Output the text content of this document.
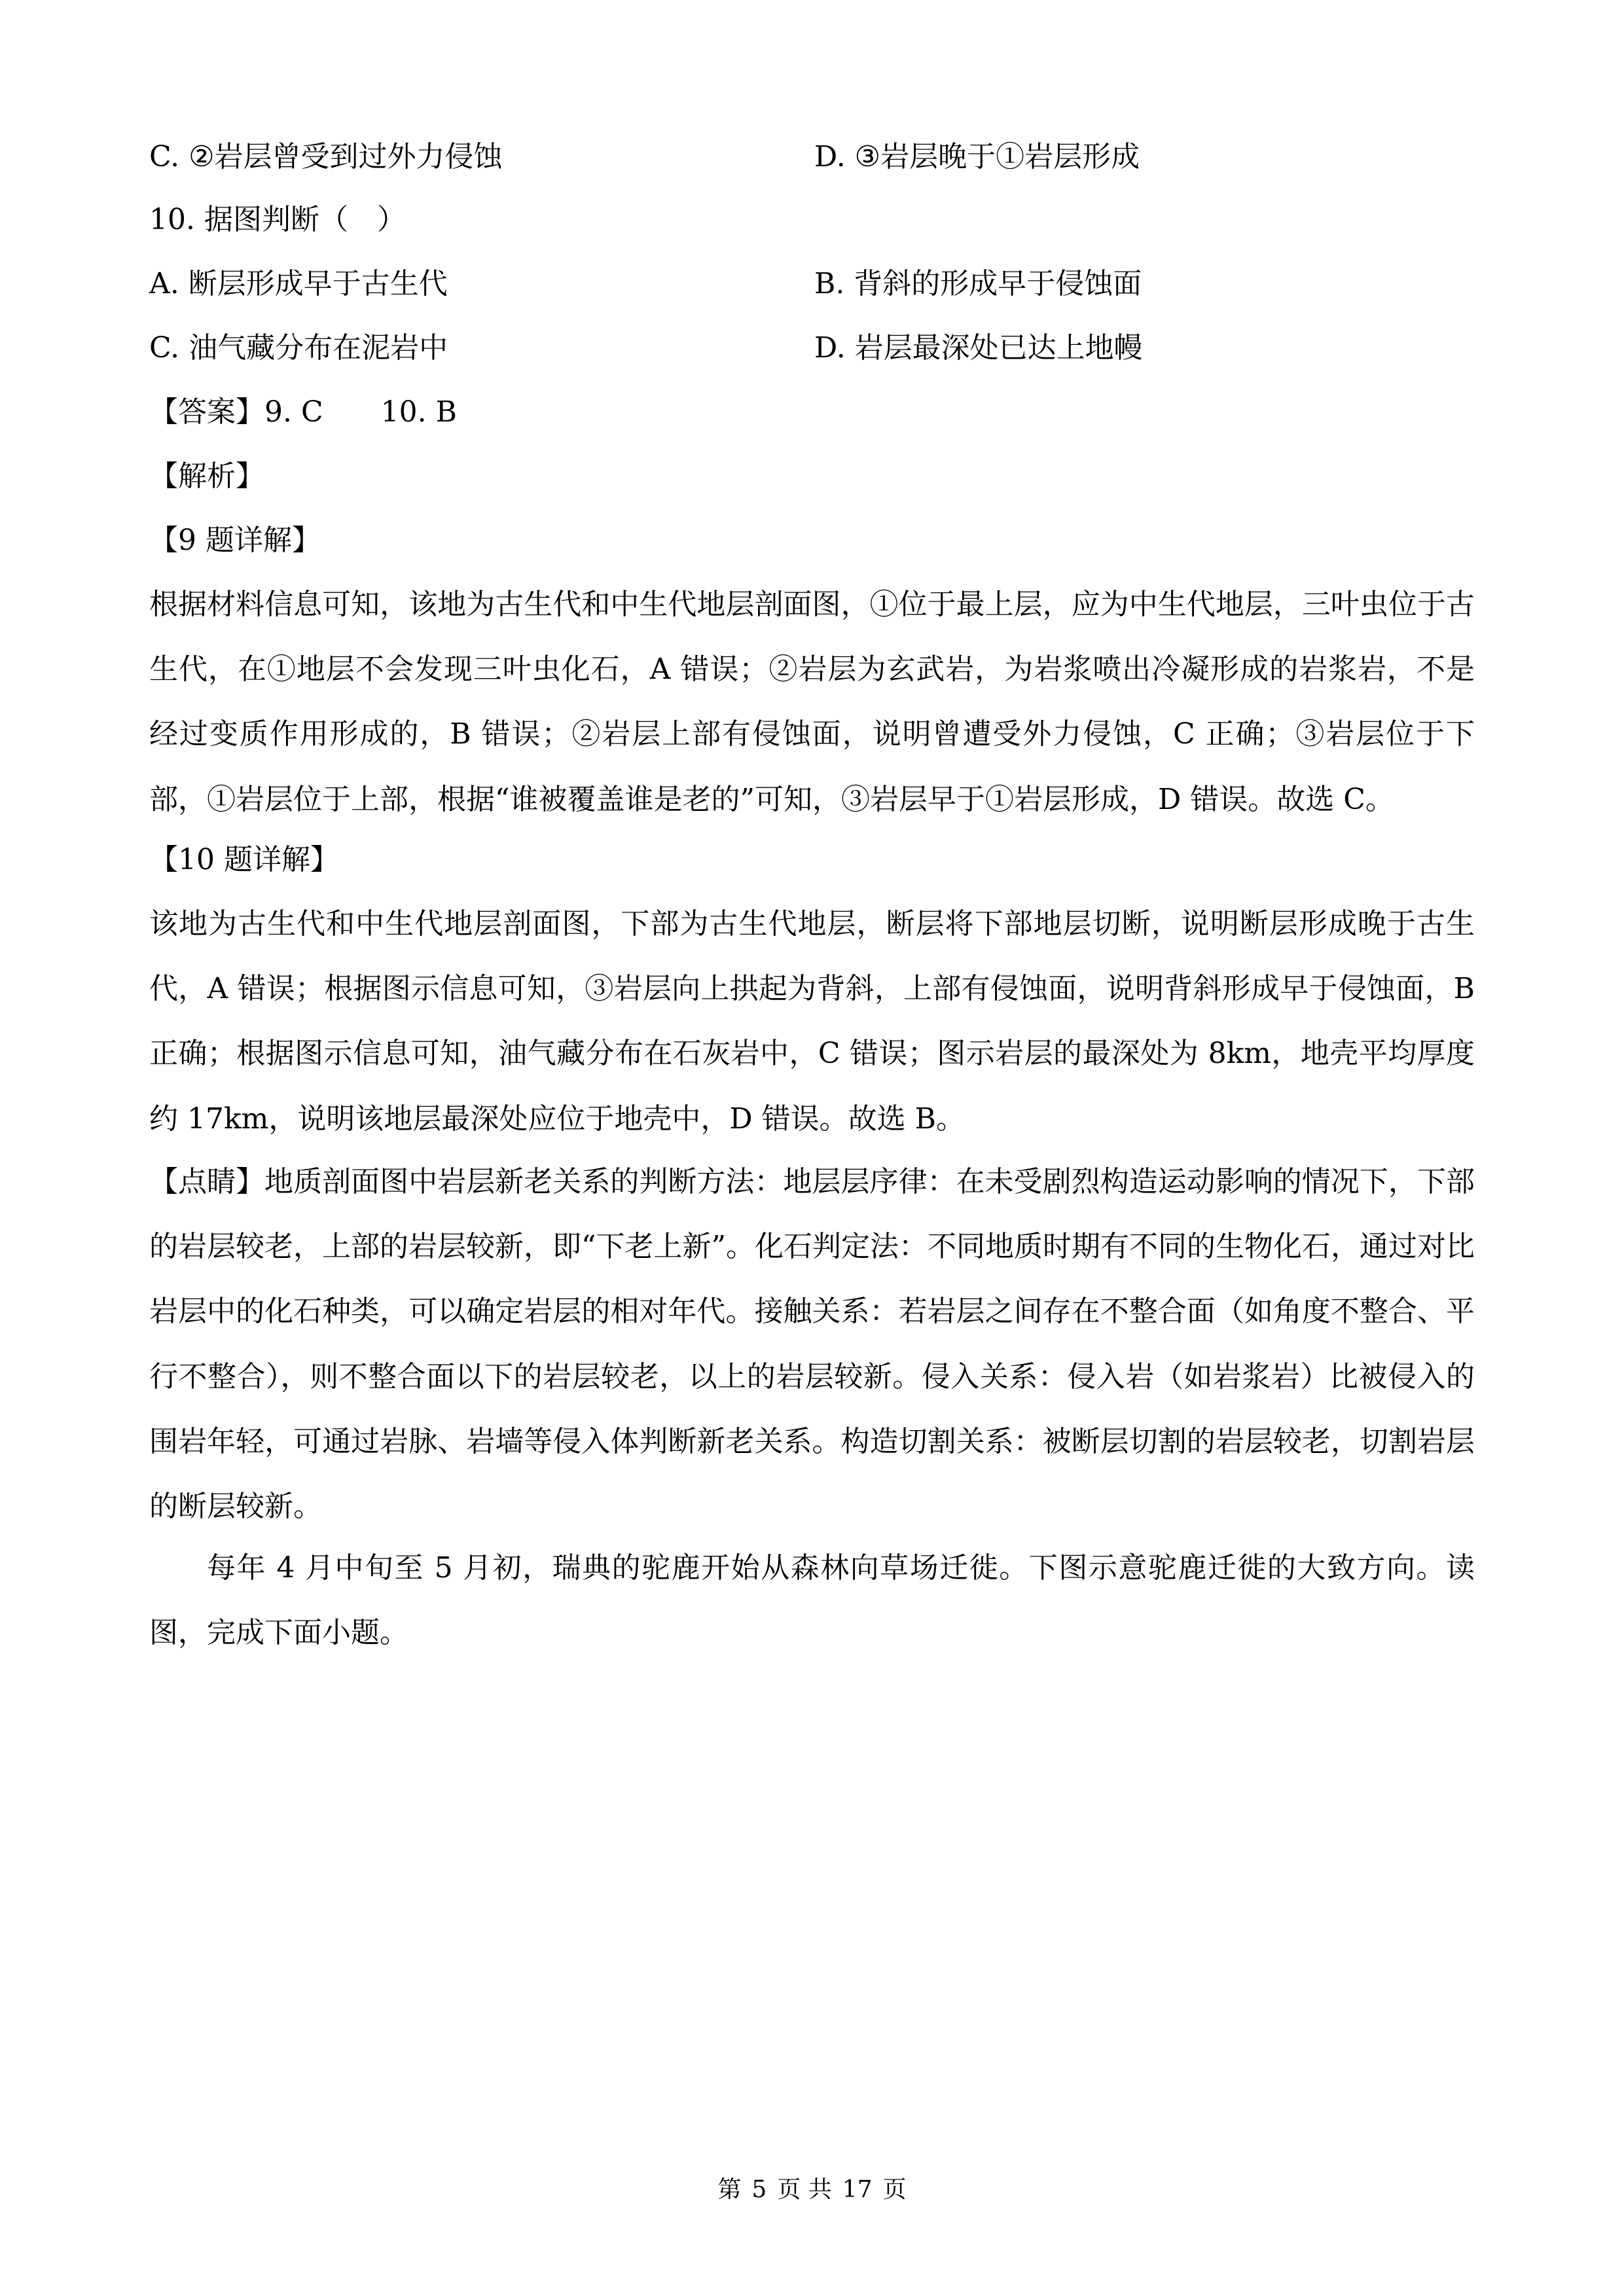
C. ②岩层曾受到过外力侵蚀	D. ③岩层晚于①岩层形成
10. 据图判断（　）
A. 断层形成早于古生代	B. 背斜的形成早于侵蚀面
C. 油气藏分布在泥岩中	D. 岩层最深处已达上地幔
【答案】9. C 10. B
【解析】
【9 题详解】
根据材料信息可知，该地为古生代和中生代地层剖面图，①位于最上层，应为中生代地层，三叶虫位于古生代，在①地层不会发现三叶虫化石，A 错误；②岩层为玄武岩，为岩浆喷出冷凝形成的岩浆岩，不是经过变质作用形成的，B 错误；②岩层上部有侵蚀面，说明曾遭受外力侵蚀，C 正确；③岩层位于下部，①岩层位于上部，根据“谁被覆盖谁是老的”可知，③岩层早于①岩层形成，D 错误。故选 C。
【10 题详解】
该地为古生代和中生代地层剖面图，下部为古生代地层，断层将下部地层切断，说明断层形成晚于古生代，A 错误；根据图示信息可知，③岩层向上拱起为背斜，上部有侵蚀面，说明背斜形成早于侵蚀面，B 正确；根据图示信息可知，油气藏分布在石灰岩中，C 错误；图示岩层的最深处为 8km，地壳平均厚度约 17km，说明该地层最深处应位于地壳中，D 错误。故选 B。
【点睛】地质剖面图中岩层新老关系的判断方法：地层层序律：在未受剧烈构造运动影响的情况下，下部的岩层较老，上部的岩层较新，即“下老上新”。化石判定法：不同地质时期有不同的生物化石，通过对比岩层中的化石种类，可以确定岩层的相对年代。接触关系：若岩层之间存在不整合面（如角度不整合、平行不整合），则不整合面以下的岩层较老，以上的岩层较新。侵入关系：侵入岩（如岩浆岩）比被侵入的围岩年轻，可通过岩脉、岩墙等侵入体判断新老关系。构造切割关系：被断层切割的岩层较老，切割岩层的断层较新。
每年 4 月中旬至 5 月初，瑞典的驼鹿开始从森林向草场迁徙。下图示意驼鹿迁徙的大致方向。读图，完成下面小题。
第 5 页 共 17 页
